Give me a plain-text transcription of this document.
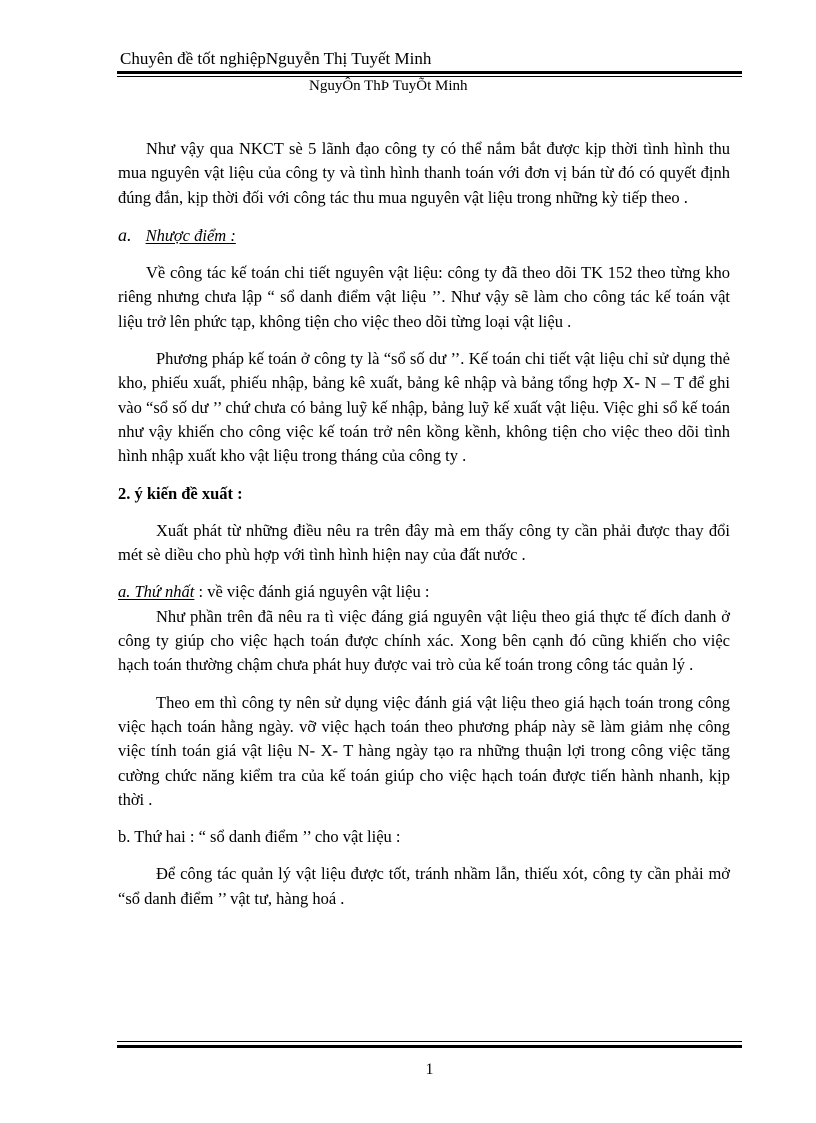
Chuyên đề tốt nghiệpNguyễn Thị Tuyết Minh
NguyÔn ThÞ TuyÕt Minh

Như vậy qua NKCT sè 5 lãnh đạo công ty có thể nắm bắt được kịp thời tình hình thu mua nguyên vật liệu của công ty và tình hình thanh toán với đơn vị bán từ đó có quyết định đúng đắn, kịp thời đối với công tác thu mua nguyên vật liệu trong những kỳ tiếp theo .

a. Nhược điểm :

Về công tác kế toán chi tiết nguyên vật liệu: công ty đã theo dõi TK 152 theo từng kho riêng nhưng chưa lập “ sổ danh điểm vật liệu ’’. Như vậy sẽ làm cho công tác kế toán vật liệu trở lên phức tạp, không tiện cho việc theo dõi từng loại vật liệu .

Phương pháp kế toán ở công ty là “sổ số dư ’’. Kế toán chi tiết vật liệu chỉ sử dụng thẻ kho, phiếu xuất, phiếu nhập, bảng kê xuất, bảng kê nhập và bảng tổng hợp X- N – T để ghi vào “sổ số dư ’’ chứ chưa có bảng luỹ kế nhập, bảng luỹ kế xuất vật liệu. Việc ghi sổ kế toán như vậy khiến cho công việc kế toán trở nên kồng kềnh, không tiện cho việc theo dõi tình hình nhập xuất kho vật liệu trong tháng của công ty .

2. ý kiến đề xuất :

Xuất phát từ những điều nêu ra trên đây mà em thấy công ty cần phải được thay đổi mét sè diều cho phù hợp với tình hình hiện nay của đất nước .

a. Thứ nhất : về việc đánh giá nguyên vật liệu :

Như phần trên đã nêu ra tì việc đáng giá nguyên vật liệu theo giá thực tế đích danh ở công ty giúp cho việc hạch toán được chính xác. Xong bên cạnh đó cũng khiến cho việc hạch toán thường chậm chưa phát huy được vai trò của kế toán trong công tác quản lý .

Theo em thì công ty nên sử dụng việc đánh giá vật liệu theo giá hạch toán trong công việc hạch toán hằng ngày. vỡ việc hạch toán theo phương pháp này sẽ làm giảm nhẹ công việc tính toán giá vật liệu N- X- T hàng ngày tạo ra những thuận lợi trong công việc tăng cường chức năng kiểm tra của kế toán giúp cho việc hạch toán được tiến hành nhanh, kịp thời .

b. Thứ hai : “ sổ danh điểm ’’ cho vật liệu :

Để công tác quản lý vật liệu được tốt, tránh nhầm lẫn, thiếu xót, công ty cần phải mở “sổ danh điểm ’’ vật tư, hàng hoá .

1
